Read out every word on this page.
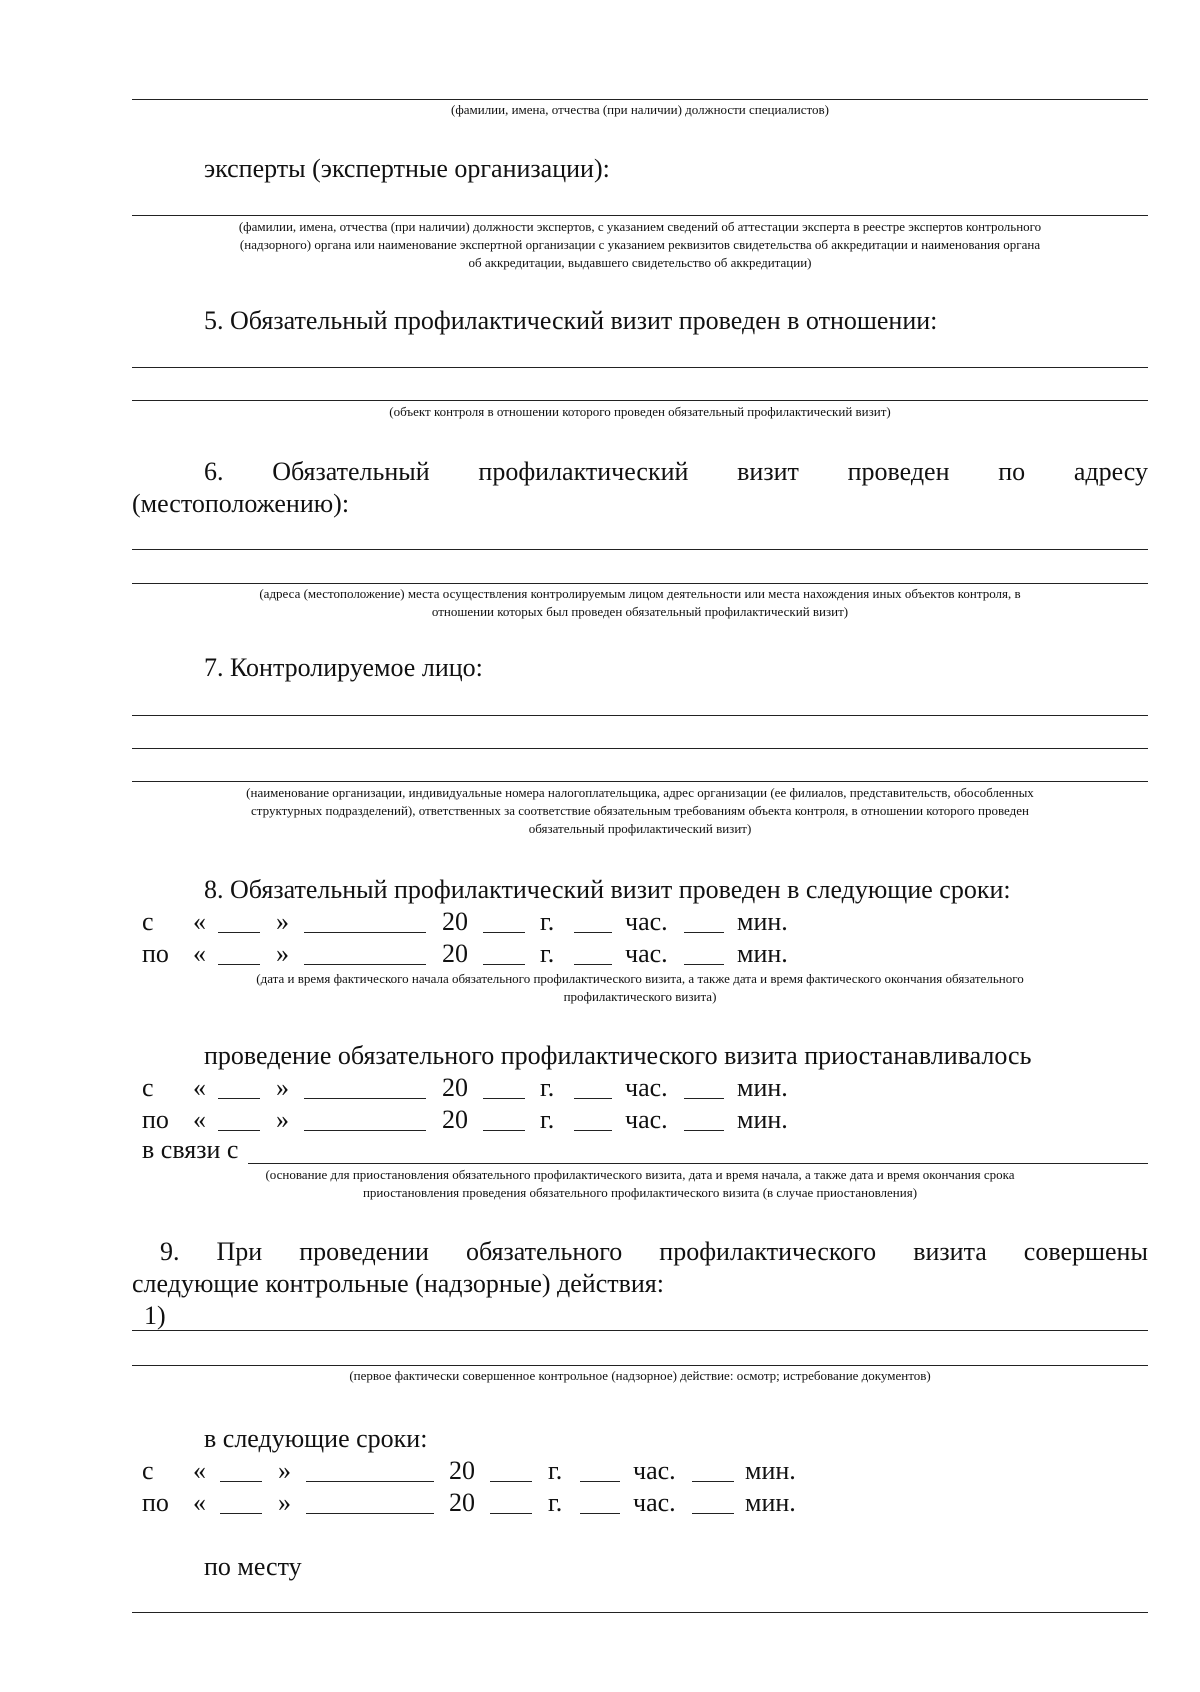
(фамилии, имена, отчества (при наличии) должности специалистов)
эксперты (экспертные организации):
(фамилии, имена, отчества (при наличии) должности экспертов, с указанием сведений об аттестации эксперта в реестре экспертов контрольного
(надзорного) органа или наименование экспертной организации с указанием реквизитов свидетельства об аккредитации и наименования органа
об аккредитации, выдавшего свидетельство об аккредитации)
5. Обязательный профилактический визит проведен в отношении:
(объект контроля в отношении которого проведен обязательный профилактический визит)
6. Обязательный профилактический визит проведен по адресу
(местоположению):
(адреса (местоположение) места осуществления контролируемым лицом деятельности или места нахождения иных объектов контроля, в
отношении которых был проведен обязательный профилактический визит)
7. Контролируемое лицо:
(наименование организации, индивидуальные номера налогоплательщика, адрес организации (ее филиалов, представительств, обособленных
структурных подразделений), ответственных за соответствие обязательным требованиям объекта контроля, в отношении которого проведен
обязательный профилактический визит)
8. Обязательный профилактический визит проведен в следующие сроки:
с «	»	20	г.	час.	мин.
по «	»	20	г.	час.	мин.
(дата и время фактического начала обязательного профилактического визита, а также дата и время фактического окончания обязательного
профилактического визита)
проведение обязательного профилактического визита приостанавливалось
с «	»	20	г.	час.	мин.
по «	»	20	г.	час.	мин.
в связи с
(основание для приостановления обязательного профилактического визита, дата и время начала, а также дата и время окончания срока
приостановления проведения обязательного профилактического визита (в случае приостановления)
9. При проведении обязательного профилактического визита совершены
следующие контрольные (надзорные) действия:
1)
(первое фактически совершенное контрольное (надзорное) действие: осмотр; истребование документов)
в следующие сроки:
с «	»	20	г.	час.	мин.
по «	»	20	г.	час.	мин.
по месту
